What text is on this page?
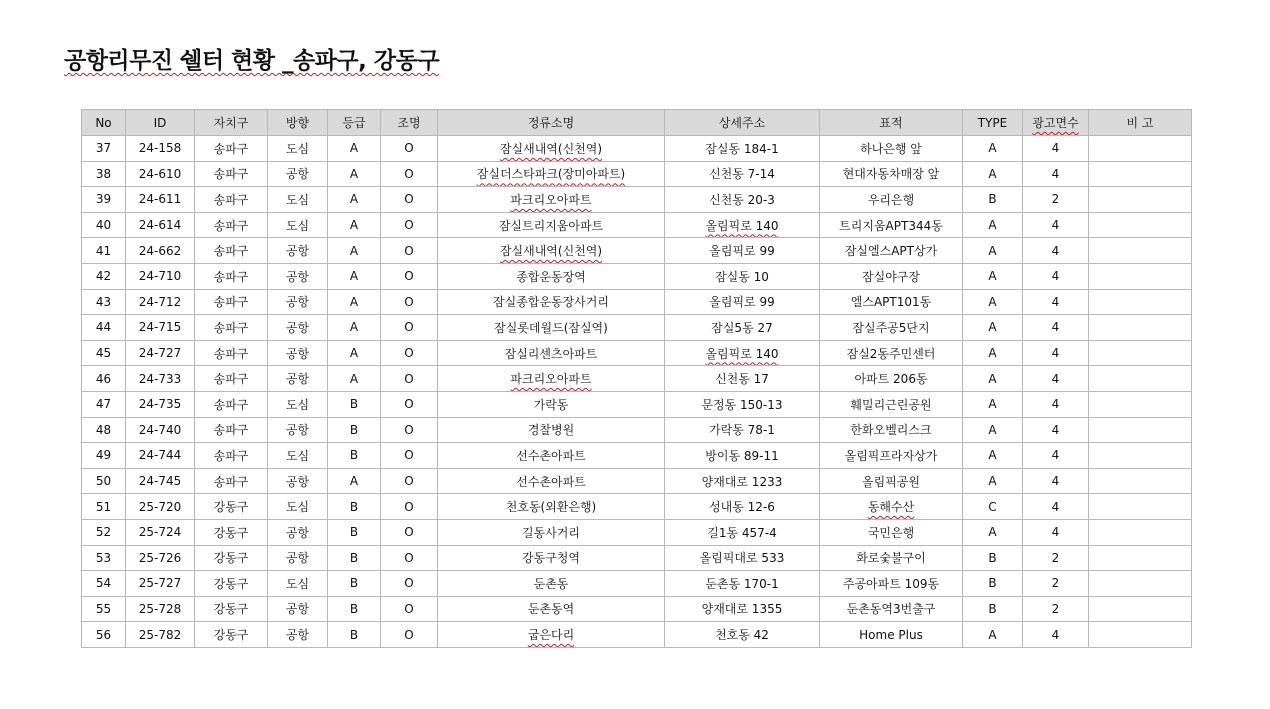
공항리무진 쉘터 현황 _송파구, 강동구
No	ID	자치구	방향	등급	조명	정류소명	상세주소	표적	TYPE	광고면수	비 고
37	24-158	송파구	도심	A	O	잠실새내역(신천역)	잠실동 184-1	하나은행 앞	A	4	
38	24-610	송파구	공항	A	O	잠실더스타파크(장미아파트)	신천동 7-14	현대자동차매장 앞	A	4	
39	24-611	송파구	도심	A	O	파크리오아파트	신천동 20-3	우리은행	B	2	
40	24-614	송파구	도심	A	O	잠실트리지움아파트	올림픽로 140	트리지움APT344동	A	4	
41	24-662	송파구	공항	A	O	잠실새내역(신천역)	올림픽로 99	잠실엘스APT상가	A	4	
42	24-710	송파구	공항	A	O	종합운동장역	잠실동 10	잠실야구장	A	4	
43	24-712	송파구	공항	A	O	잠실종합운동장사거리	올림픽로 99	엘스APT101동	A	4	
44	24-715	송파구	공항	A	O	잠실롯데월드(잠실역)	잠실5동 27	잠실주공5단지	A	4	
45	24-727	송파구	공항	A	O	잠실리센츠아파트	올림픽로 140	잠실2동주민센터	A	4	
46	24-733	송파구	공항	A	O	파크리오아파트	신천동 17	아파트 206동	A	4	
47	24-735	송파구	도심	B	O	가락동	문정동 150-13	훼밀리근린공원	A	4	
48	24-740	송파구	공항	B	O	경찰병원	가락동 78-1	한화오벨리스크	A	4	
49	24-744	송파구	도심	B	O	선수촌아파트	방이동 89-11	올림픽프라자상가	A	4	
50	24-745	송파구	공항	A	O	선수촌아파트	양재대로 1233	올림픽공원	A	4	
51	25-720	강동구	도심	B	O	천호동(외환은행)	성내동 12-6	동해수산	C	4	
52	25-724	강동구	공항	B	O	길동사거리	길1동 457-4	국민은행	A	4	
53	25-726	강동구	공항	B	O	강동구청역	올림픽대로 533	화로숯불구이	B	2	
54	25-727	강동구	도심	B	O	둔촌동	둔촌동 170-1	주공아파트 109동	B	2	
55	25-728	강동구	공항	B	O	둔촌동역	양재대로 1355	둔촌동역3번출구	B	2	
56	25-782	강동구	공항	B	O	굽은다리	천호동 42	Home Plus	A	4	
